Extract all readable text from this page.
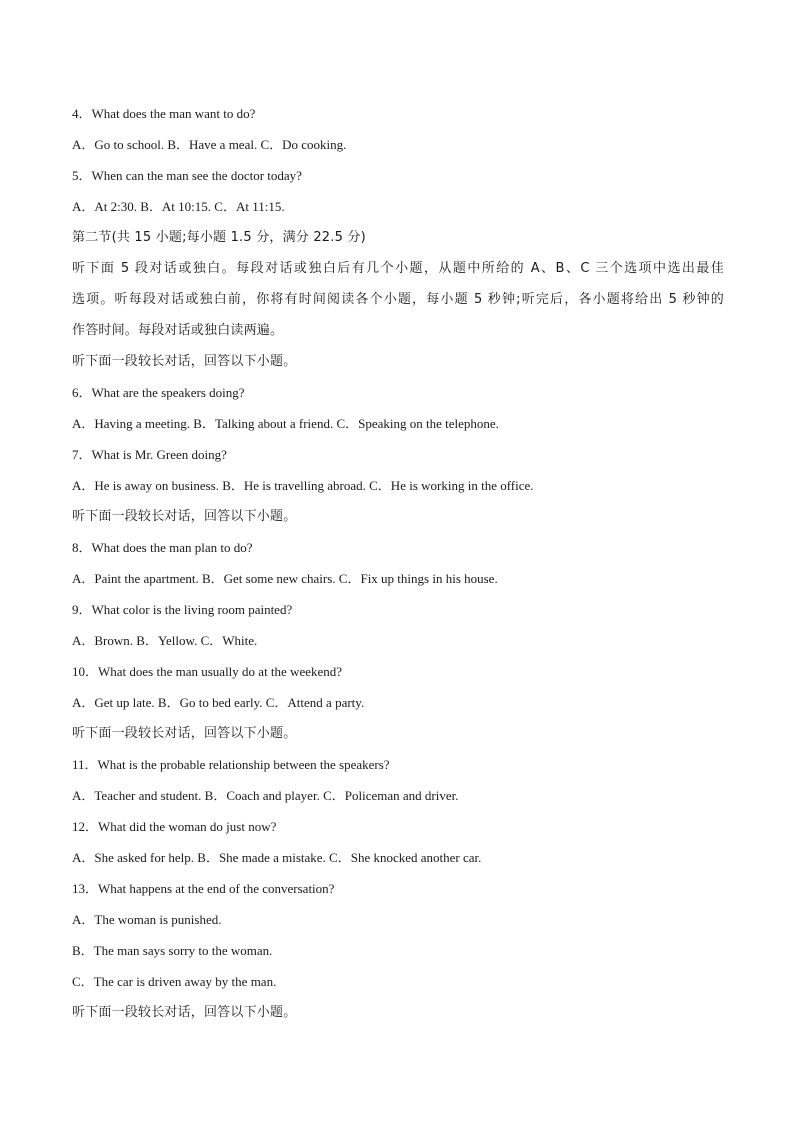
4．What does the man want to do?

A．Go to school. B．Have a meal. C．Do cooking.

5．When can the man see the doctor today?

A．At 2:30. B．At 10:15. C．At 11:15.

第二节(共 15 小题;每小题 1.5 分，满分 22.5 分)

听下面 5 段对话或独白。每段对话或独白后有几个小题，从题中所给的 A、B、C 三个选项中选出最佳

选项。听每段对话或独白前，你将有时间阅读各个小题，每小题 5 秒钟;听完后，各小题将给出 5 秒钟的

作答时间。每段对话或独白读两遍。

听下面一段较长对话，回答以下小题。

6．What are the speakers doing?

A．Having a meeting. B．Talking about a friend. C．Speaking on the telephone.

7．What is Mr. Green doing?

A．He is away on business. B．He is travelling abroad. C．He is working in the office.

听下面一段较长对话，回答以下小题。

8．What does the man plan to do?

A．Paint the apartment. B．Get some new chairs. C．Fix up things in his house.

9．What color is the living room painted?

A．Brown. B．Yellow. C．White.

10．What does the man usually do at the weekend?

A．Get up late. B．Go to bed early. C．Attend a party.

听下面一段较长对话，回答以下小题。

11．What is the probable relationship between the speakers?

A．Teacher and student. B．Coach and player. C．Policeman and driver.

12．What did the woman do just now?

A．She asked for help. B．She made a mistake. C．She knocked another car.

13．What happens at the end of the conversation?

A．The woman is punished.

B．The man says sorry to the woman.

C．The car is driven away by the man.

听下面一段较长对话，回答以下小题。
